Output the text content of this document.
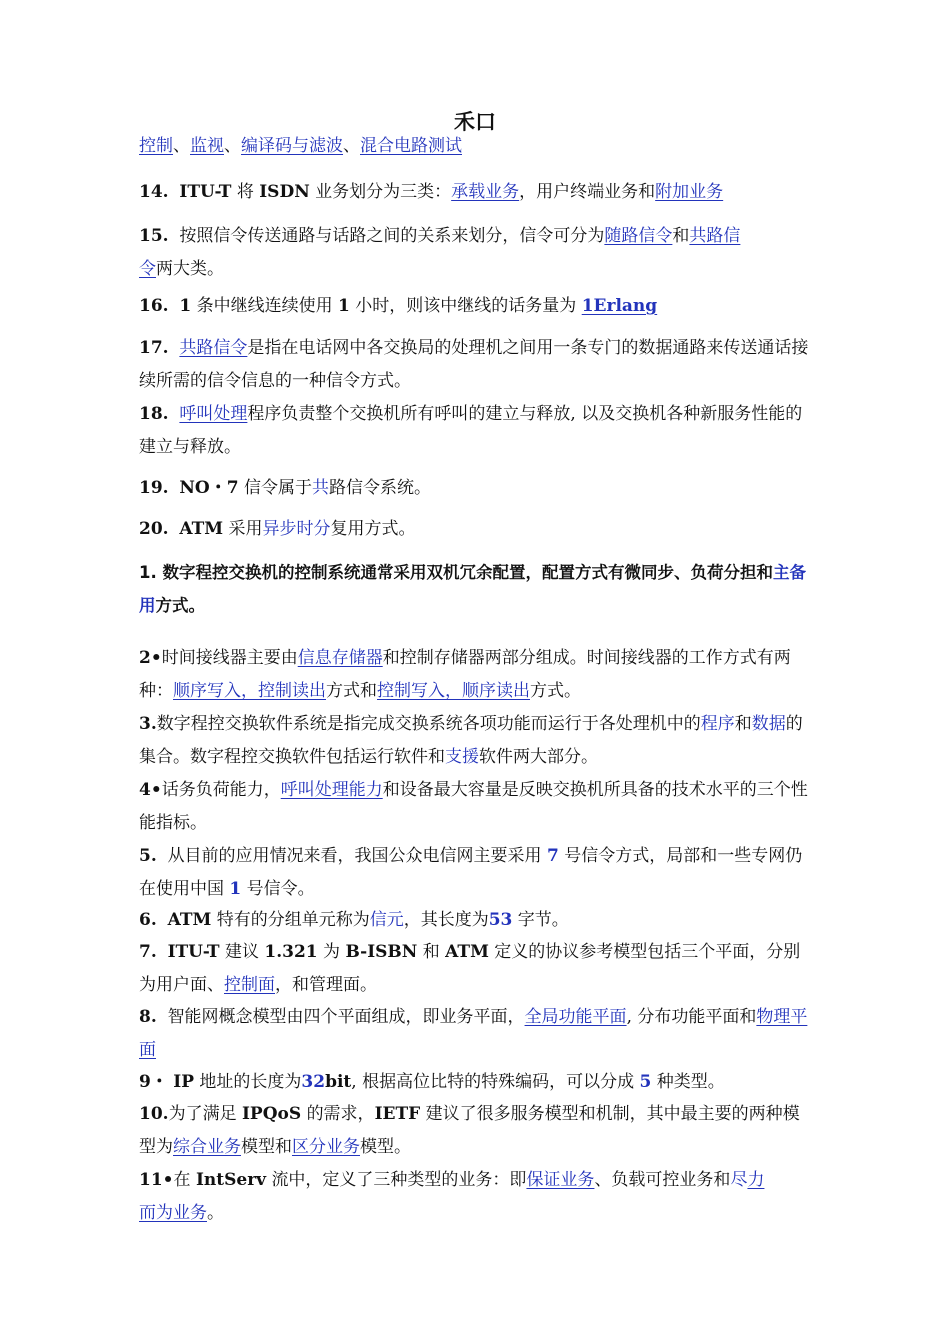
禾口
控制、监视、编译码与滤波、混合电路测试
14. ITU-T 将 ISDN 业务划分为三类：承载业务，用户终端业务和附加业务
15. 按照信令传送通路与话路之间的关系来划分，信令可分为随路信令和共路信
令两大类。
16. 1 条中继线连续使用 1 小时，则该中继线的话务量为 1Erlang
17. 共路信令是指在电话网中各交换局的处理机之间用一条专门的数据通路来传送通话接续所需的信令信息的一种信令方式。
18. 呼叫处理程序负责整个交换机所有呼叫的建立与释放, 以及交换机各种新服务性能的建立与释放。
19. NO・7 信令属于共路信令系统。
20. ATM 采用异步时分复用方式。
1. 数字程控交换机的控制系统通常采用双机冗余配置，配置方式有微同步、负荷分担和主备用方式。
2•时间接线器主要由信息存储器和控制存储器两部分组成。时间接线器的工作方式有两种：顺序写入，控制读出方式和控制写入，顺序读出方式。
3.数字程控交换软件系统是指完成交换系统各项功能而运行于各处理机中的程序和数据的集合。数字程控交换软件包括运行软件和支援软件两大部分。
4•话务负荷能力，呼叫处理能力和设备最大容量是反映交换机所具备的技术水平的三个性能指标。
5. 从目前的应用情况来看，我国公众电信网主要采用 7 号信令方式，局部和一些专网仍在使用中国 1 号信令。
6. ATM 特有的分组单元称为信元，其长度为53 字节。
7. ITU-T 建议 1.321 为 B-ISBN 和 ATM 定义的协议参考模型包括三个平面，分别为用户面、控制面，和管理面。
8. 智能网概念模型由四个平面组成，即业务平面，全局功能平面, 分布功能平面和物理平面
9・ IP 地址的长度为32bit, 根据高位比特的特殊编码，可以分成 5 种类型。
10.为了满足 IPQoS 的需求，IETF 建议了很多服务模型和机制，其中最主要的两种模型为综合业务模型和区分业务模型。
11•在 IntServ 流中，定义了三种类型的业务：即保证业务、负载可控业务和尽力
而为业务。
